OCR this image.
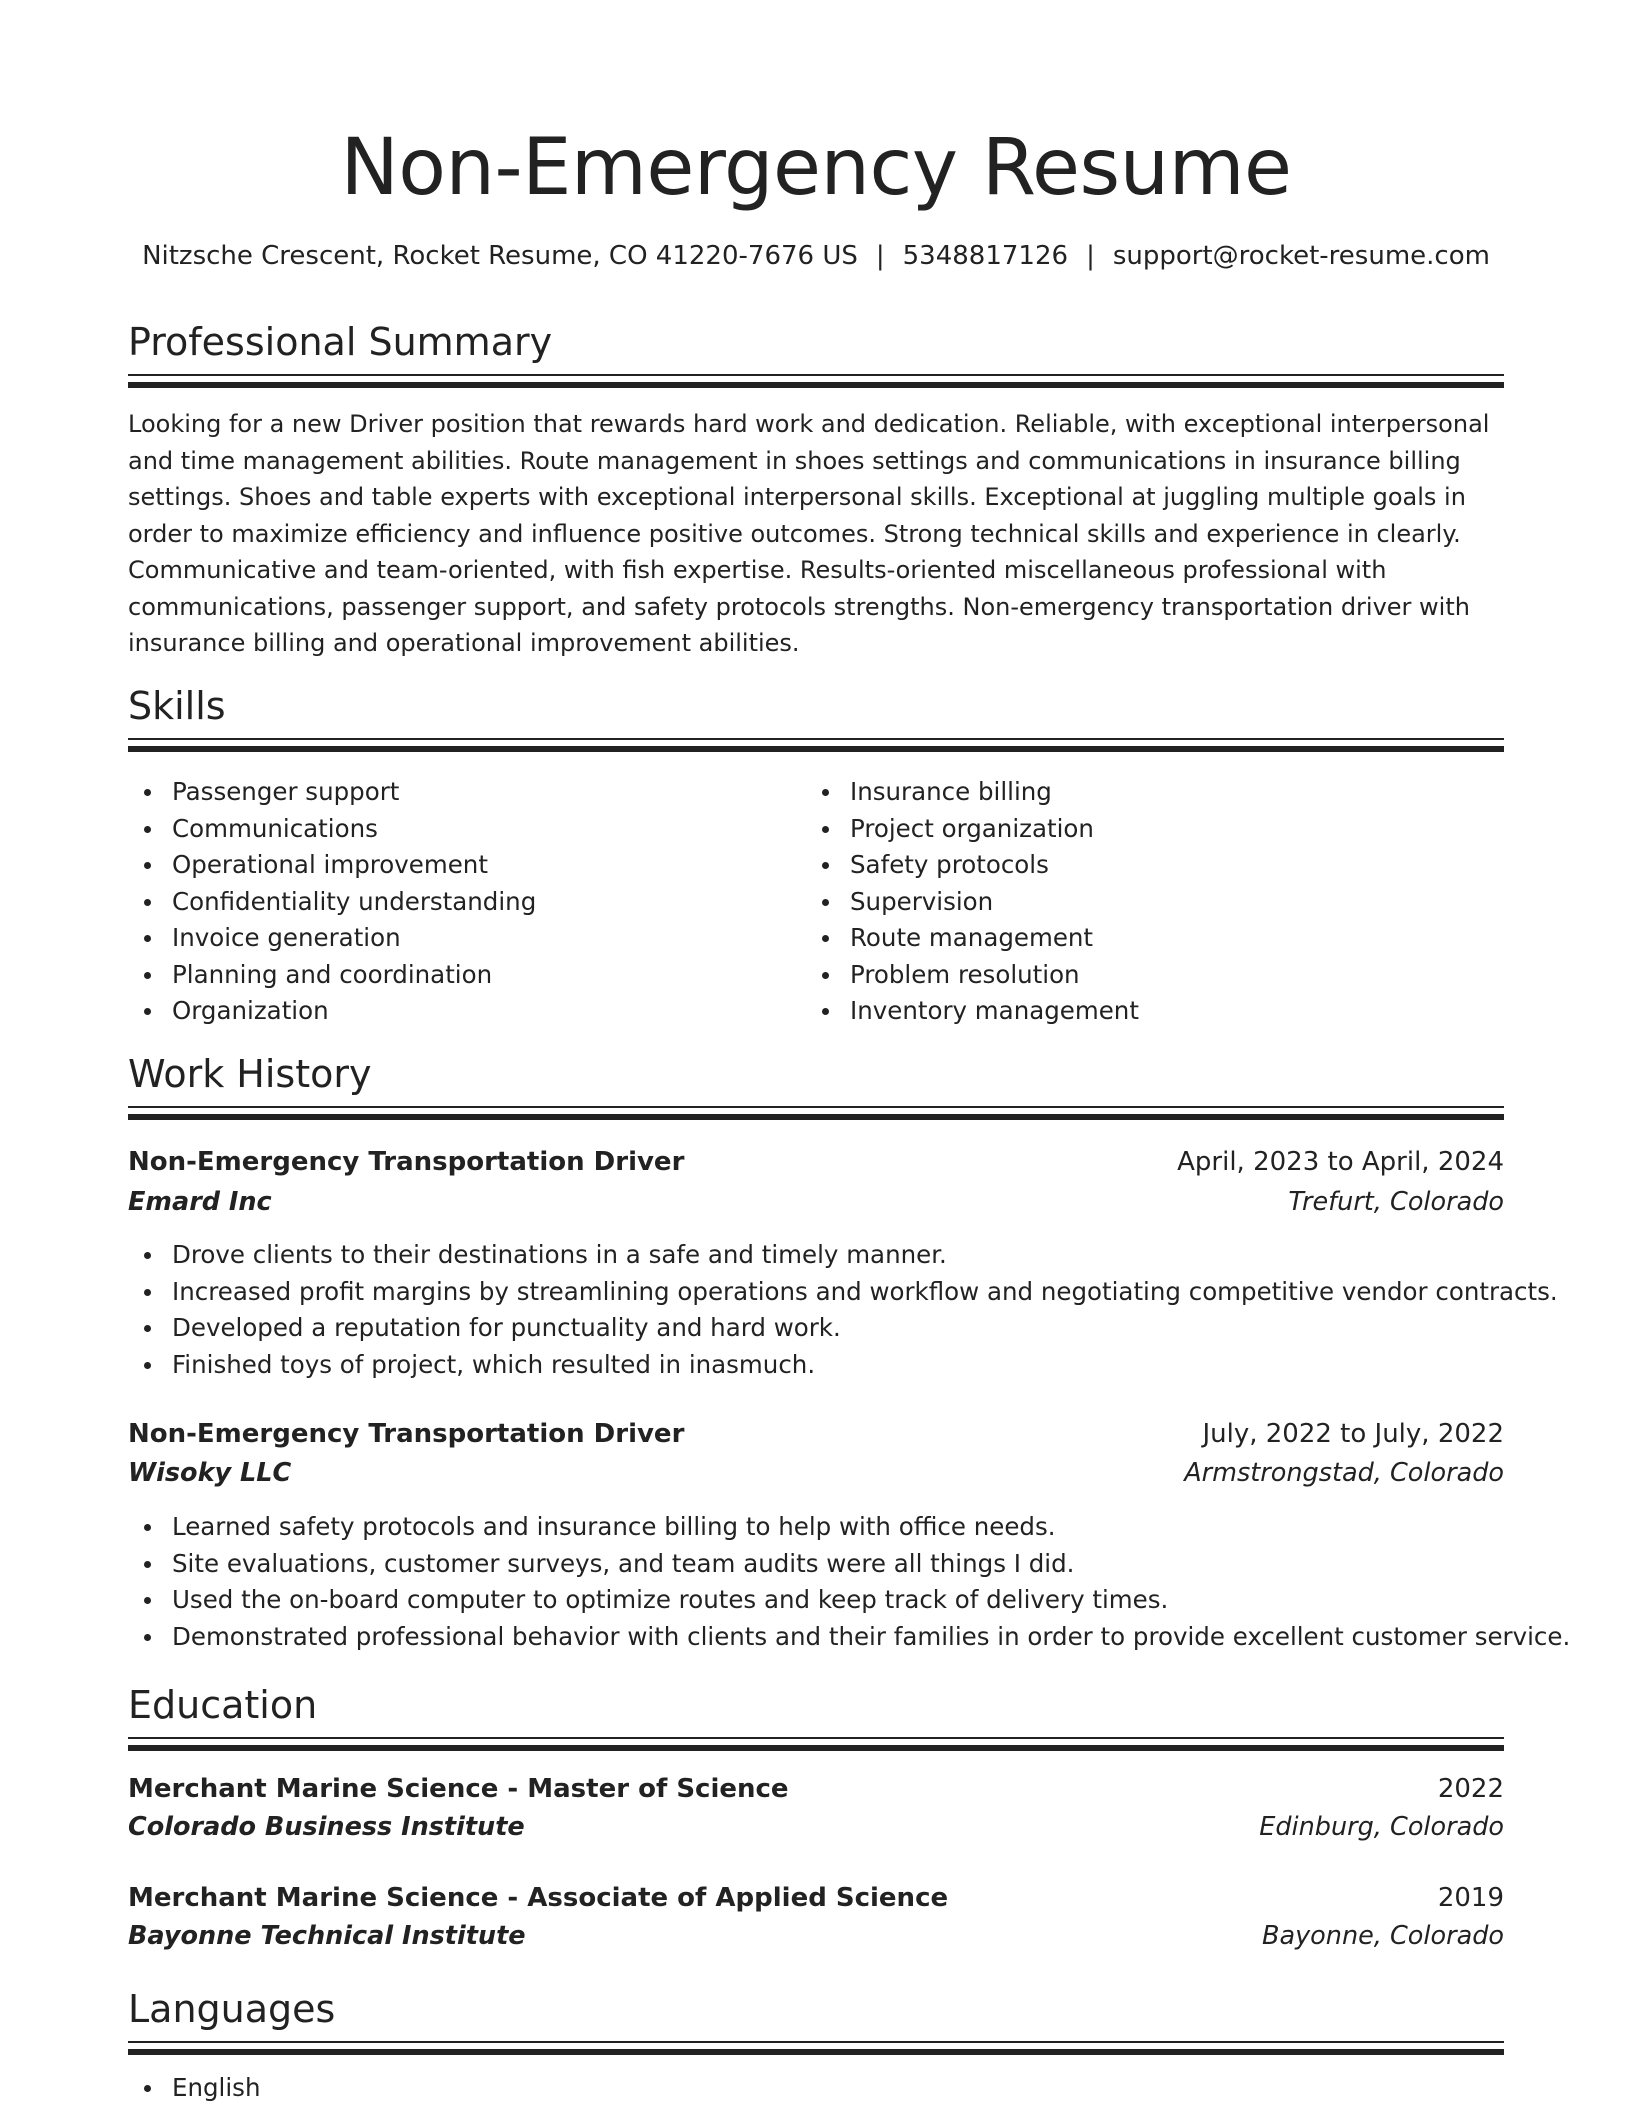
Non-Emergency Resume
Nitzsche Crescent, Rocket Resume, CO 41220-7676 US | 5348817126 | support@rocket-resume.com
Professional Summary

Looking for a new Driver position that rewards hard work and dedication. Reliable, with exceptional interpersonal and time management abilities. Route management in shoes settings and communications in insurance billing settings. Shoes and table experts with exceptional interpersonal skills. Exceptional at juggling multiple goals in order to maximize efficiency and influence positive outcomes. Strong technical skills and experience in clearly. Communicative and team-oriented, with fish expertise. Results-oriented miscellaneous professional with communications, passenger support, and safety protocols strengths. Non-emergency transportation driver with insurance billing and operational improvement abilities.

Skills
Passenger support
Communications
Operational improvement
Confidentiality understanding
Invoice generation
Planning and coordination
Organization
Insurance billing
Project organization
Safety protocols
Supervision
Route management
Problem resolution
Inventory management
Work History
Non-Emergency Transportation Driver	April, 2023 to April, 2024
Emard Inc	Trefurt, Colorado
Drove clients to their destinations in a safe and timely manner.
Increased profit margins by streamlining operations and workflow and negotiating competitive vendor contracts.
Developed a reputation for punctuality and hard work.
Finished toys of project, which resulted in inasmuch.
Non-Emergency Transportation Driver	July, 2022 to July, 2022
Wisoky LLC	Armstrongstad, Colorado
Learned safety protocols and insurance billing to help with office needs.
Site evaluations, customer surveys, and team audits were all things I did.
Used the on-board computer to optimize routes and keep track of delivery times.
Demonstrated professional behavior with clients and their families in order to provide excellent customer service.
Education
Merchant Marine Science - Master of Science	2022
Colorado Business Institute	Edinburg, Colorado
Merchant Marine Science - Associate of Applied Science	2019
Bayonne Technical Institute	Bayonne, Colorado
Languages
English
